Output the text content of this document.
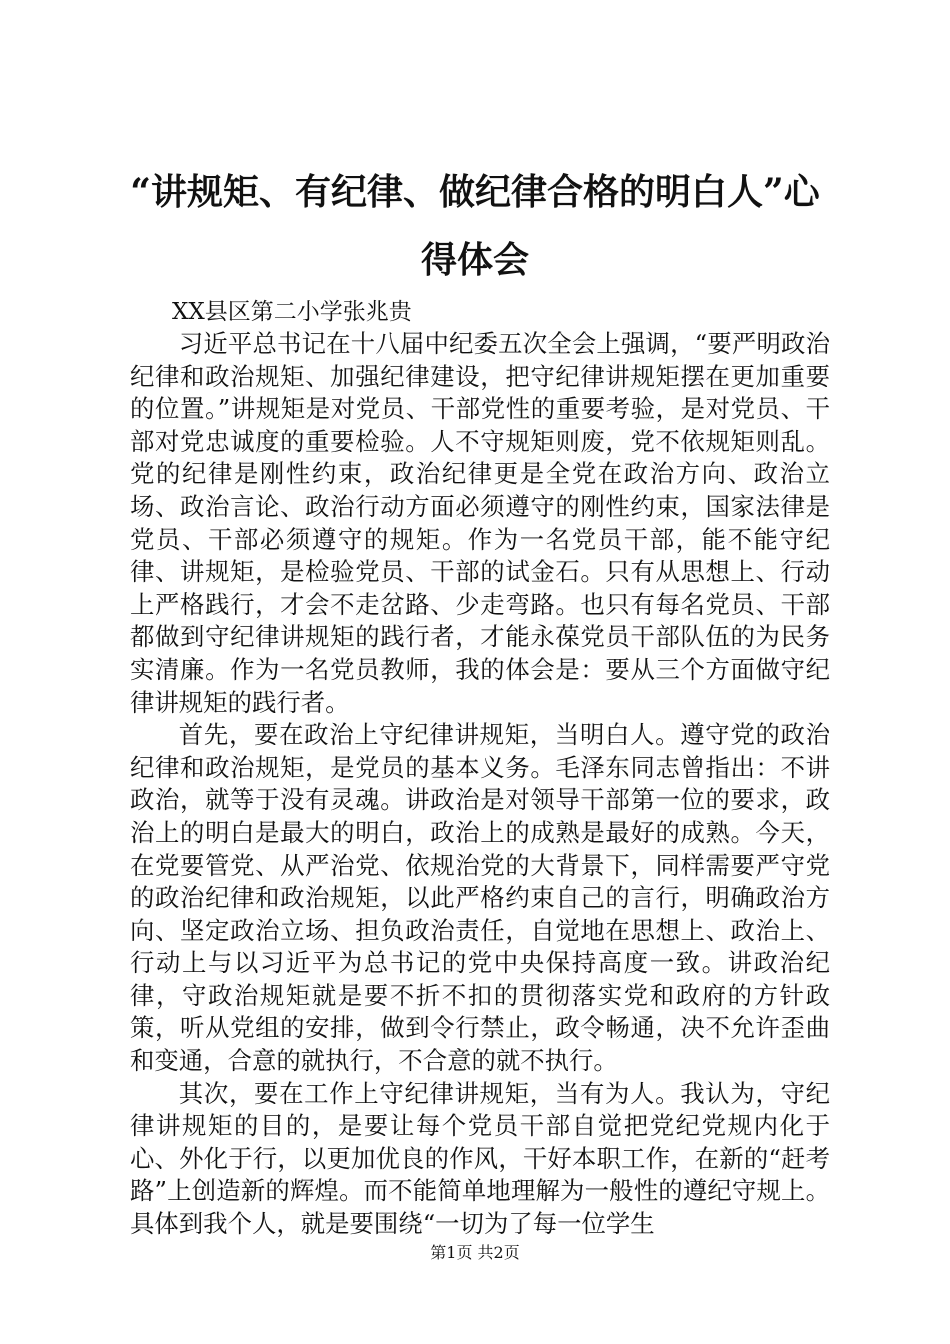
“讲规矩、有纪律、做纪律合格的明白人”心得体会

XX县区第二小学张兆贵

习近平总书记在十八届中纪委五次全会上强调，“要严明政治纪律和政治规矩、加强纪律建设，把守纪律讲规矩摆在更加重要的位置。”讲规矩是对党员、干部党性的重要考验，是对党员、干部对党忠诚度的重要检验。人不守规矩则废，党不依规矩则乱。党的纪律是刚性约束，政治纪律更是全党在政治方向、政治立场、政治言论、政治行动方面必须遵守的刚性约束，国家法律是党员、干部必须遵守的规矩。作为一名党员干部，能不能守纪律、讲规矩，是检验党员、干部的试金石。只有从思想上、行动上严格践行，才会不走岔路、少走弯路。也只有每名党员、干部都做到守纪律讲规矩的践行者，才能永葆党员干部队伍的为民务实清廉。作为一名党员教师，我的体会是：要从三个方面做守纪律讲规矩的践行者。

首先，要在政治上守纪律讲规矩，当明白人。遵守党的政治纪律和政治规矩，是党员的基本义务。毛泽东同志曾指出：不讲政治，就等于没有灵魂。讲政治是对领导干部第一位的要求，政治上的明白是最大的明白，政治上的成熟是最好的成熟。今天，在党要管党、从严治党、依规治党的大背景下，同样需要严守党的政治纪律和政治规矩，以此严格约束自己的言行，明确政治方向、坚定政治立场、担负政治责任，自觉地在思想上、政治上、行动上与以习近平为总书记的党中央保持高度一致。讲政治纪律，守政治规矩就是要不折不扣的贯彻落实党和政府的方针政策，听从党组的安排，做到令行禁止，政令畅通，决不允许歪曲和变通，合意的就执行，不合意的就不执行。

其次，要在工作上守纪律讲规矩，当有为人。我认为，守纪律讲规矩的目的，是要让每个党员干部自觉把党纪党规内化于心、外化于行，以更加优良的作风，干好本职工作，在新的“赶考路”上创造新的辉煌。而不能简单地理解为一般性的遵纪守规上。具体到我个人，就是要围绕“一切为了每一位学生

第1页 共2页
